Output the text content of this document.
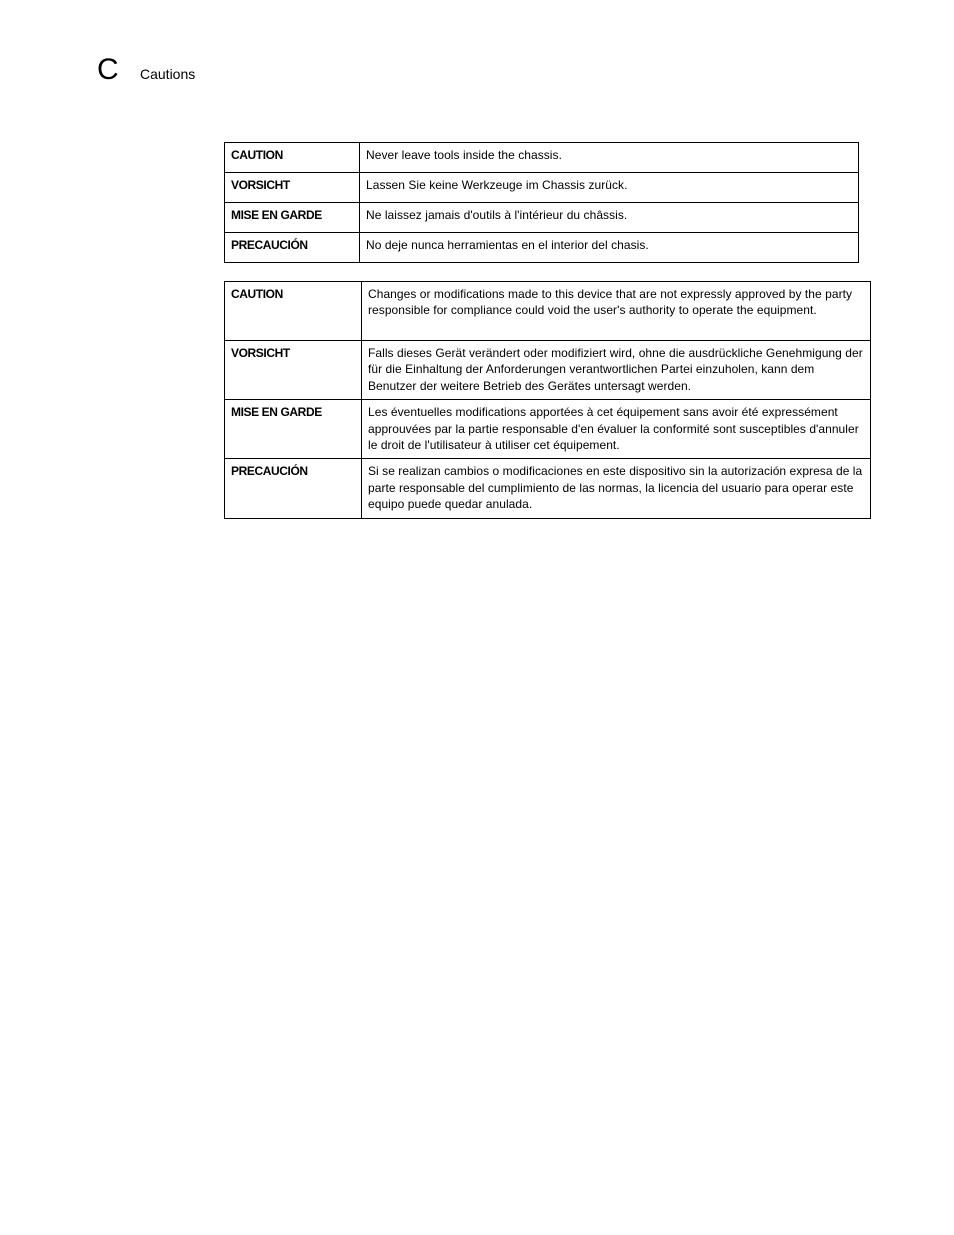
C Cautions
CAUTION	Never leave tools inside the chassis.
VORSICHT	Lassen Sie keine Werkzeuge im Chassis zurück.
MISE EN GARDE	Ne laissez jamais d'outils à l'intérieur du châssis.
PRECAUCIÓN	No deje nunca herramientas en el interior del chasis.
CAUTION	Changes or modifications made to this device that are not expressly approved by the party responsible for compliance could void the user's authority to operate the equipment.
VORSICHT	Falls dieses Gerät verändert oder modifiziert wird, ohne die ausdrückliche Genehmigung der für die Einhaltung der Anforderungen verantwortlichen Partei einzuholen, kann dem Benutzer der weitere Betrieb des Gerätes untersagt werden.
MISE EN GARDE	Les éventuelles modifications apportées à cet équipement sans avoir été expressément approuvées par la partie responsable d'en évaluer la conformité sont susceptibles d'annuler le droit de l'utilisateur à utiliser cet équipement.
PRECAUCIÓN	Si se realizan cambios o modificaciones en este dispositivo sin la autorización expresa de la parte responsable del cumplimiento de las normas, la licencia del usuario para operar este equipo puede quedar anulada.
